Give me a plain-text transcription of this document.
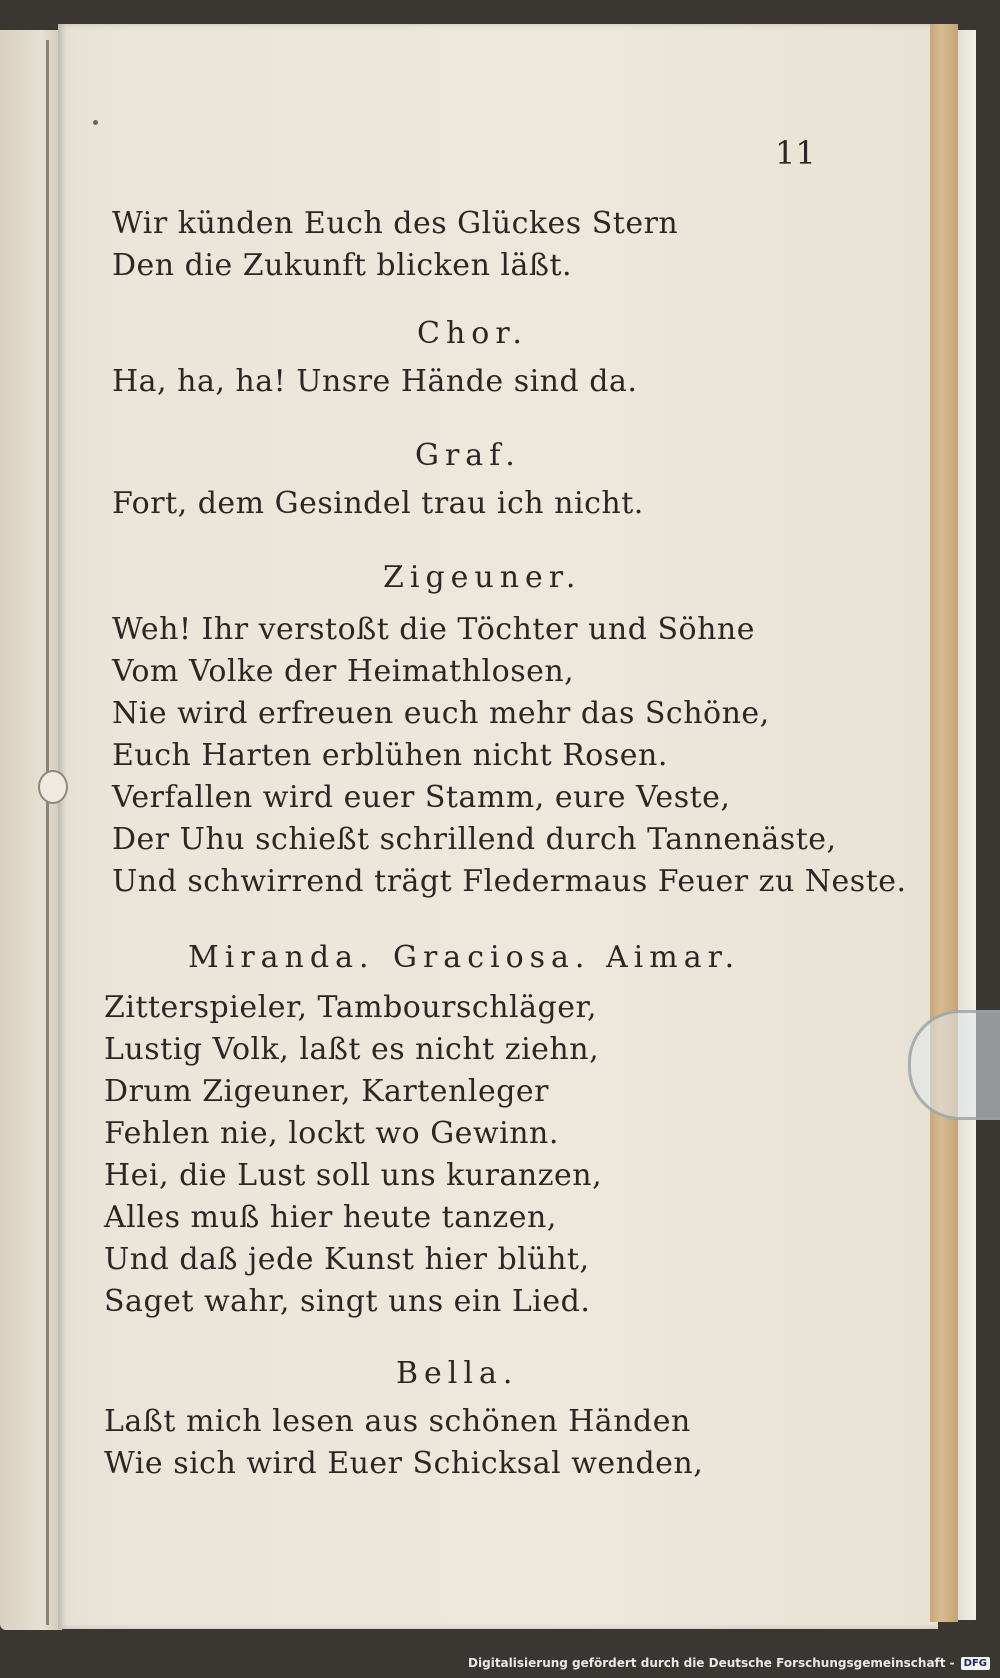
11
Wir künden Euch des Glückes Stern
Den die Zukunft blicken läßt.
Chor.
Ha, ha, ha! Unsre Hände sind da.
Graf.
Fort, dem Gesindel trau ich nicht.
Zigeuner.
Weh! Ihr verstoßt die Töchter und Söhne
Vom Volke der Heimathlosen,
Nie wird erfreuen euch mehr das Schöne,
Euch Harten erblühen nicht Rosen.
Verfallen wird euer Stamm, eure Veste,
Der Uhu schießt schrillend durch Tannenäste,
Und schwirrend trägt Fledermaus Feuer zu Neste.
Miranda. Graciosa. Aimar.
Zitterspieler, Tambourschläger,
Lustig Volk, laßt es nicht ziehn,
Drum Zigeuner, Kartenleger
Fehlen nie, lockt wo Gewinn.
Hei, die Lust soll uns kuranzen,
Alles muß hier heute tanzen,
Und daß jede Kunst hier blüht,
Saget wahr, singt uns ein Lied.
Bella.
Laßt mich lesen aus schönen Händen
Wie sich wird Euer Schicksal wenden,
Digitalisierung gefördert durch die Deutsche Forschungsgemeinschaft - DFG
